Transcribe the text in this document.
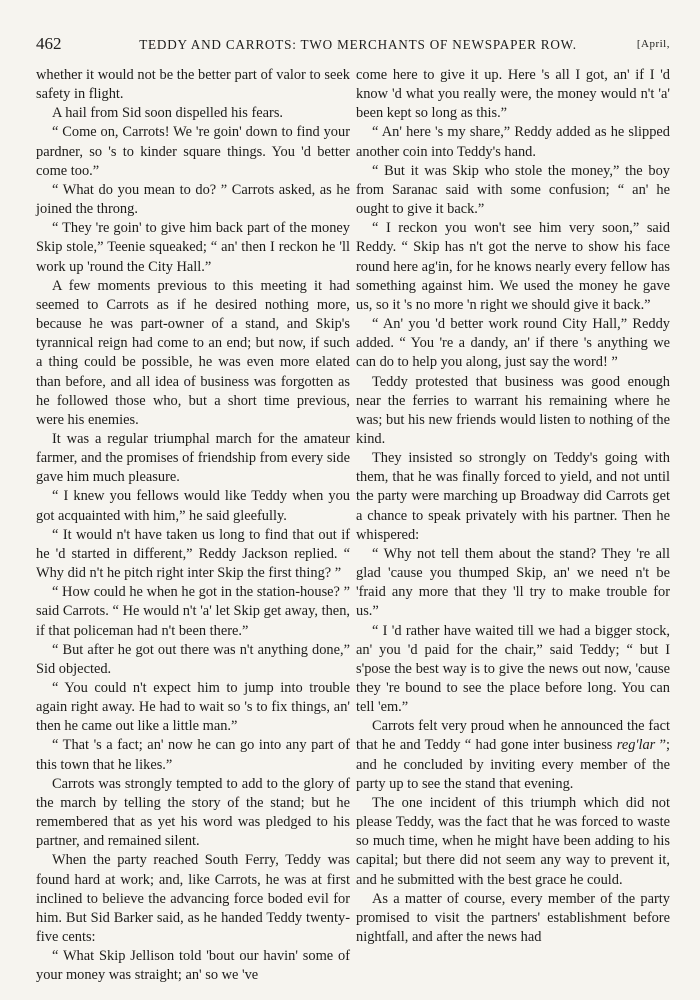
462	TEDDY AND CARROTS: TWO MERCHANTS OF NEWSPAPER ROW.	[April,

whether it would not be the better part of valor to seek safety in flight.

A hail from Sid soon dispelled his fears.

“ Come on, Carrots! We 're goin' down to find your pardner, so 's to kinder square things. You 'd better come too.”

“ What do you mean to do? ” Carrots asked, as he joined the throng.

“ They 're goin' to give him back part of the money Skip stole,” Teenie squeaked; “ an' then I reckon he 'll work up 'round the City Hall.”

A few moments previous to this meeting it had seemed to Carrots as if he desired nothing more, because he was part-owner of a stand, and Skip's tyrannical reign had come to an end; but now, if such a thing could be possible, he was even more elated than before, and all idea of business was forgotten as he followed those who, but a short time previous, were his enemies.

It was a regular triumphal march for the amateur farmer, and the promises of friendship from every side gave him much pleasure.

“ I knew you fellows would like Teddy when you got acquainted with him,” he said gleefully.

“ It would n't have taken us long to find that out if he 'd started in different,” Reddy Jackson replied. “ Why did n't he pitch right inter Skip the first thing? ”

“ How could he when he got in the station-house? ” said Carrots. “ He would n't 'a' let Skip get away, then, if that policeman had n't been there.”

“ But after he got out there was n't anything done,” Sid objected.

“ You could n't expect him to jump into trouble again right away. He had to wait so 's to fix things, an' then he came out like a little man.”

“ That 's a fact; an' now he can go into any part of this town that he likes.”

Carrots was strongly tempted to add to the glory of the march by telling the story of the stand; but he remembered that as yet his word was pledged to his partner, and remained silent.

When the party reached South Ferry, Teddy was found hard at work; and, like Carrots, he was at first inclined to believe the advancing force boded evil for him. But Sid Barker said, as he handed Teddy twenty-five cents:

“ What Skip Jellison told 'bout our havin' some of your money was straight; an' so we 've

come here to give it up. Here 's all I got, an' if I 'd know 'd what you really were, the money would n't 'a' been kept so long as this.”

“ An' here 's my share,” Reddy added as he slipped another coin into Teddy's hand.

“ But it was Skip who stole the money,” the boy from Saranac said with some confusion; “ an' he ought to give it back.”

“ I reckon you won't see him very soon,” said Reddy. “ Skip has n't got the nerve to show his face round here ag'in, for he knows nearly every fellow has something against him. We used the money he gave us, so it 's no more 'n right we should give it back.”

“ An' you 'd better work round City Hall,” Reddy added. “ You 're a dandy, an' if there 's anything we can do to help you along, just say the word! ”

Teddy protested that business was good enough near the ferries to warrant his remaining where he was; but his new friends would listen to nothing of the kind.

They insisted so strongly on Teddy's going with them, that he was finally forced to yield, and not until the party were marching up Broadway did Carrots get a chance to speak privately with his partner. Then he whispered:

“ Why not tell them about the stand? They 're all glad 'cause you thumped Skip, an' we need n't be 'fraid any more that they 'll try to make trouble for us.”

“ I 'd rather have waited till we had a bigger stock, an' you 'd paid for the chair,” said Teddy; “ but I s'pose the best way is to give the news out now, 'cause they 're bound to see the place before long. You can tell 'em.”

Carrots felt very proud when he announced the fact that he and Teddy “ had gone inter business reg'lar ”; and he concluded by inviting every member of the party up to see the stand that evening.

The one incident of this triumph which did not please Teddy, was the fact that he was forced to waste so much time, when he might have been adding to his capital; but there did not seem any way to prevent it, and he submitted with the best grace he could.

As a matter of course, every member of the party promised to visit the partners' establishment before nightfall, and after the news had
